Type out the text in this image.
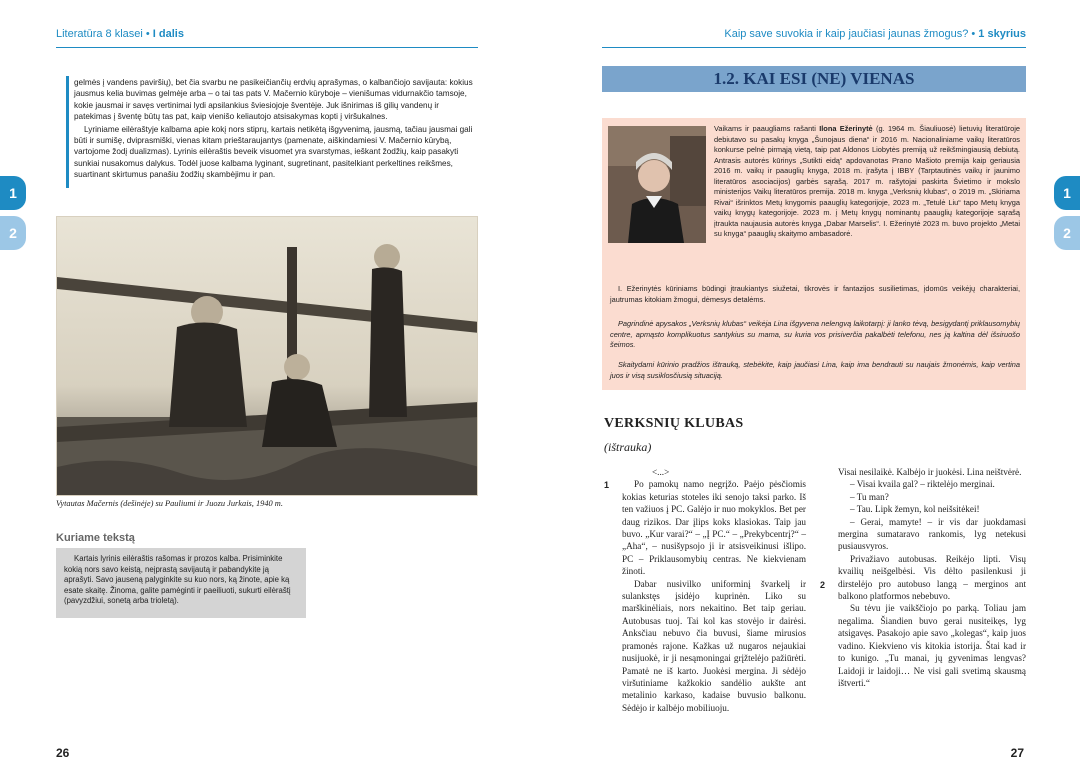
Literatūra 8 klasei • I dalis
1
2

gelmės į vandens paviršių), bet čia svarbu ne pasikeičiančių erdvių aprašymas, o kalbančiojo savijauta: kokius jausmus kelia buvimas gelmėje arba – o tai tas pats V. Mačernio kūryboje – vienišumas vidurnakčio tamsoje, kokie jausmai ir savęs vertinimai lydi apsilankius šviesiojoje šventėje. Juk išnirimas iš gilių vandenų ir patekimas į šventę būtų tas pat, kaip vienišo keliautojo atsisakymas kopti į viršukalnes.

Lyriniame eilėraštyje kalbama apie kokį nors stiprų, kartais netikėtą išgyvenimą, jausmą, tačiau jausmai gali būti ir sumišę, dviprasmiški, vienas kitam prieštaraujantys (pamenate, aiškindamiesi V. Mačernio kūrybą, vartojome žodį dualizmas). Lyrinis eilėraštis beveik visuomet yra svarstymas, ieškant žodžių, kaip pasakyti sunkiai nusakomus dalykus. Todėl juose kalbama lyginant, sugretinant, pasitelkiant perkeltines reikšmes, suartinant skirtumus panašiu žodžių skambėjimu ir pan.

Vytautas Mačernis (dešinėje) su Pauliumi ir Juozu Jurkais, 1940 m.
Kuriame tekstą
Kartais lyrinis eilėraštis rašomas ir prozos kalba. Prisiminkite kokią nors savo keistą, neįprastą savijautą ir pabandykite ją aprašyti. Savo jauseną palyginkite su kuo nors, ką žinote, apie ką esate skaitę. Žinoma, galite pamėginti ir paeiliuoti, sukurti eilėraštį (pavyzdžiui, sonetą arba trioletą).
26
Kaip save suvokia ir kaip jaučiasi jaunas žmogus? • 1 skyrius
1
2
1.2. KAI ESI (NE) VIENAS
Vaikams ir paaugliams rašanti Ilona Ežerinytė (g. 1964 m. Šiauliuosė) lietuvių literatūroje debiutavo su pasakų knyga „Šunojaus diena“ ir 2016 m. Nacionaliniame vaikų literatūros konkurse pelnė pirmąją vietą, taip pat Aldonos Liobytės premiją už reikšmingiausią debiutą. Antrasis autorės kūrinys „Sutikti eidą“ apdovanotas Prano Mašioto premija kaip geriausia 2016 m. vaikų ir paauglių knyga, 2018 m. įrašyta į IBBY (Tarptautinės vaikų ir jaunimo literatūros asociacijos) garbės sąrašą. 2017 m. rašytojai paskirta Švietimo ir mokslo ministerijos Vaikų literatūros premija. 2018 m. knyga „Verksnių klubas“, o 2019 m. „Skiriama Rivai“ išrinktos Metų knygomis paauglių kategorijoje, 2023 m. „Tetulė Liu“ tapo Metų knyga vaikų knygų kategorijoje. 2023 m. į Metų knygų nominantų paauglių kategorijoje sąrašą įtraukta naujausia autorės knyga „Dabar Marselis“. I. Ežerinytė 2023 m. buvo projekto „Metai su knyga“ paauglių skaitymo ambasadorė.
I. Ežerinytės kūriniams būdingi įtraukiantys siužetai, tikrovės ir fantazijos susilietimas, įdomūs veikėjų charakteriai, jautrumas kitokiam žmogui, dėmesys detalėms.
Pagrindinė apysakos „Verksnių klubas“ veikėja Lina išgyvena nelengvą laikotarpį: ji lanko tėvą, besigydantį priklausomybių centre, apmąsto komplikuotus santykius su mama, su kuria vos prisiverčia pakalbėti telefonu, nes ją kaltina dėl išsiruošo šeimos.
Skaitydami kūrinio pradžios ištrauką, stebėkite, kaip jaučiasi Lina, kaip ima bendrauti su naujais žmonėmis, kaip vertina juos ir visą susiklosčiusią situaciją.
VERKSNIŲ KLUBAS
(ištrauka)
1

<...>

Po pamokų namo negrįžo. Paėjo pėsčiomis kokias keturias stoteles iki senojo taksi parko. Iš ten važiuos į PC. Galėjo ir nuo mokyklos. Bet per daug rizikos. Dar įlips koks klasiokas. Taip jau buvo. „Kur varai?“ – „Į PC.“ – „Prekybcentrį?“ – „Aha“, – nusišypsojo ji ir atsisveikinusi išlipo. PC – Priklausomybių centras. Ne kiekvienam žinoti.

Dabar nusivilko uniforminį švarkelį ir sulankstęs įsidėjo kuprinėn. Liko su marškinėliais, nors nekaitino. Bet taip geriau. Autobusas tuoj. Tai kol kas stovėjo ir dairėsi. Anksčiau nebuvo čia buvusi, šiame mirusios pramonės rajone. Kažkas už nugaros nejaukiai nusijuokė, ir ji nesąmoningai grįžtelėjo pažiūrėti. Pamatė ne iš karto. Juokėsi mergina. Ji sėdėjo viršutiniame kažkokio sandėlio aukšte ant metalinio karkaso, kadaise buvusio balkonu. Sėdėjo ir kalbėjo mobiliuoju.

2

Visai nesilaikė. Kalbėjo ir juokėsi. Lina neištvėrė.

– Visai kvaila gal? – riktelėjo merginai.

– Tu man?

– Tau. Lipk žemyn, kol neišsitėkei!

– Gerai, mamyte! – ir vis dar juokdamasi mergina sumataravo rankomis, lyg netekusi pusiausvyros.

Privažiavo autobusas. Reikėjo lipti. Visų kvailių neišgelbėsi. Vis dėlto pasilenkusi ji dirstelėjo pro autobuso langą – merginos ant balkono platformos nebebuvo.

Su tėvu jie vaikščiojo po parką. Toliau jam negalima. Šiandien buvo gerai nusiteikęs, lyg atsigavęs. Pasakojo apie savo „kolegas“, kaip juos vadino. Kiekvieno vis kitokia istorija. Štai kad ir to kunigo. „Tu manai, jų gyvenimas lengvas? Laidoji ir laidoji… Ne visi gali svetimą skausmą ištverti.“

27
